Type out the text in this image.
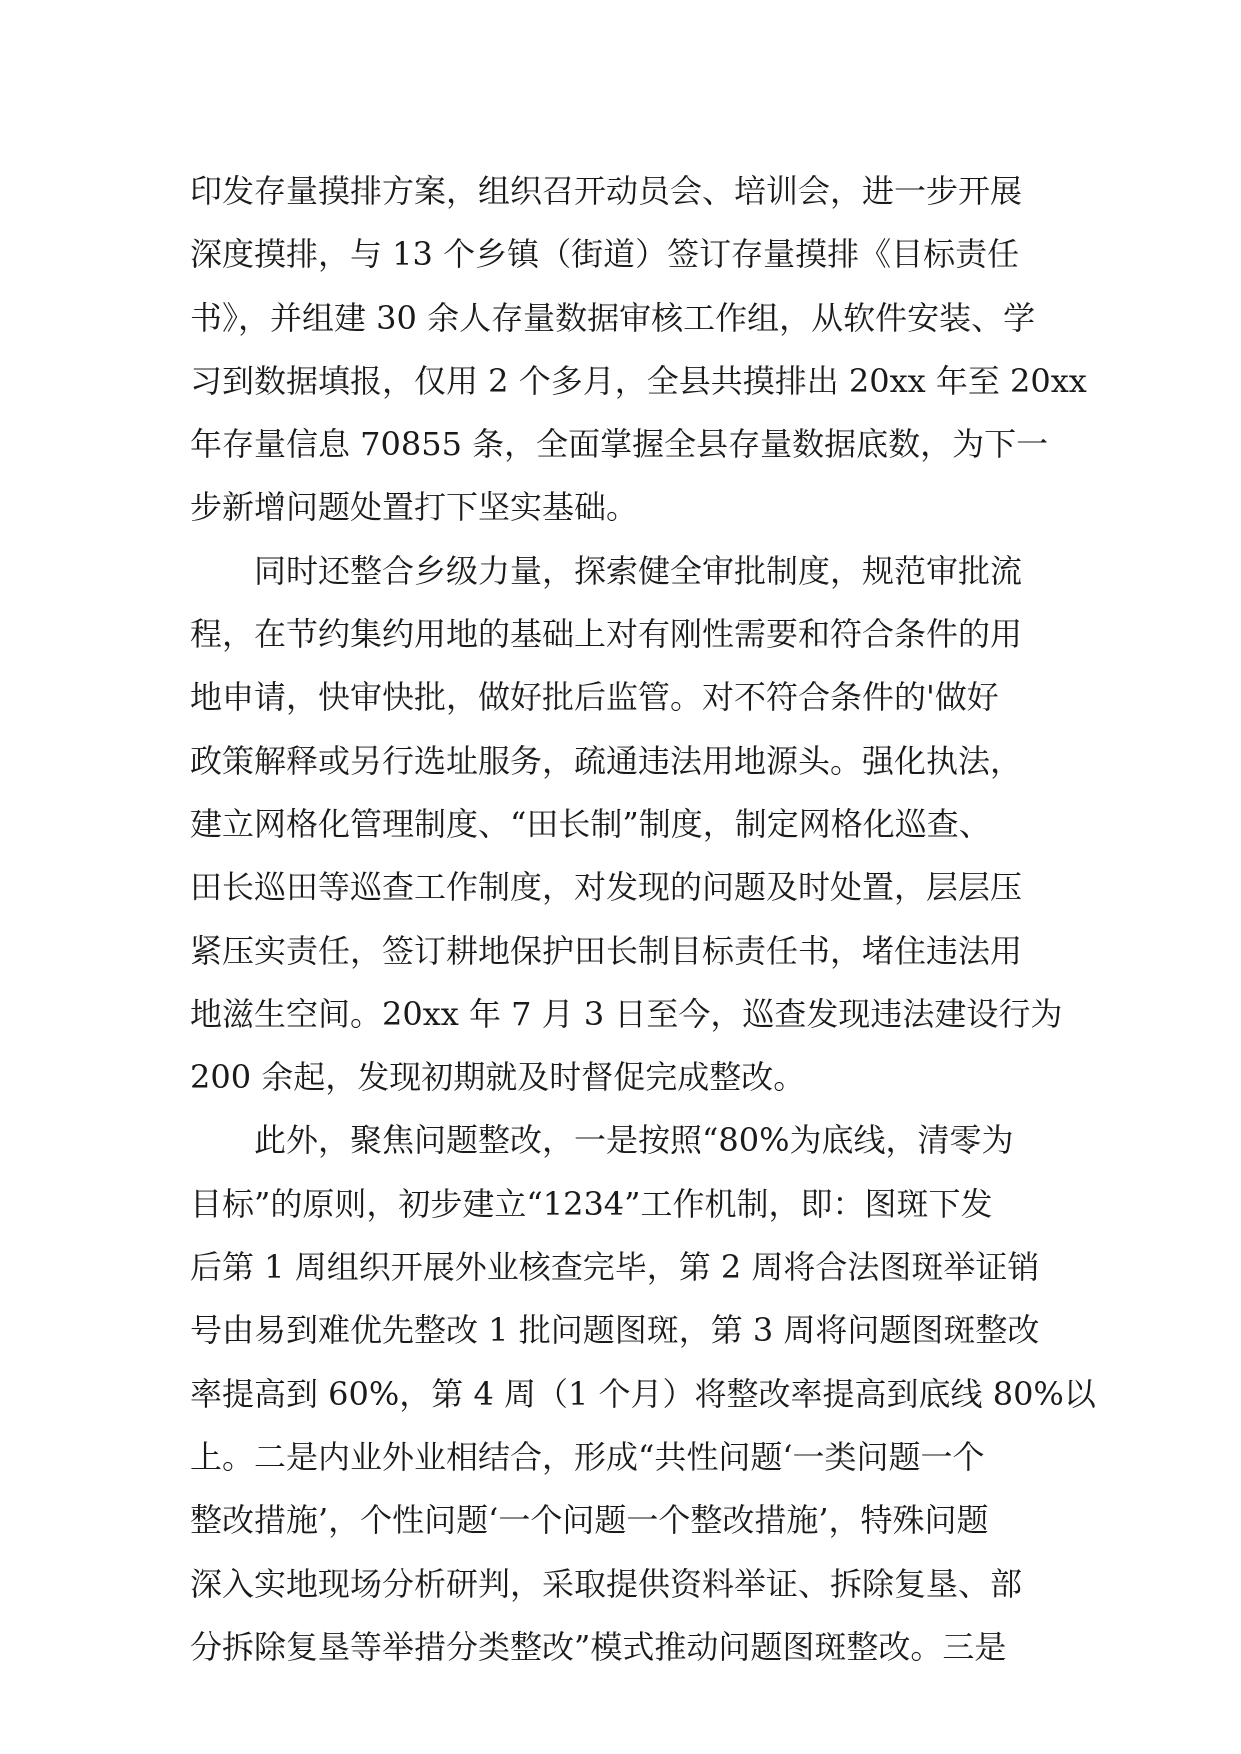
印发存量摸排方案，组织召开动员会、培训会，进一步开展
深度摸排，与 13 个乡镇（街道）签订存量摸排《目标责任
书》，并组建 30 余人存量数据审核工作组，从软件安装、学
习到数据填报，仅用 2 个多月，全县共摸排出 20xx 年至 20xx
年存量信息 70855 条，全面掌握全县存量数据底数，为下一
步新增问题处置打下坚实基础。
同时还整合乡级力量，探索健全审批制度，规范审批流
程，在节约集约用地的基础上对有刚性需要和符合条件的用
地申请，快审快批，做好批后监管。对不符合条件的'做好
政策解释或另行选址服务，疏通违法用地源头。强化执法，
建立网格化管理制度、“田长制”制度，制定网格化巡查、
田长巡田等巡查工作制度，对发现的问题及时处置，层层压
紧压实责任，签订耕地保护田长制目标责任书，堵住违法用
地滋生空间。20xx 年 7 月 3 日至今，巡查发现违法建设行为
200 余起，发现初期就及时督促完成整改。
此外，聚焦问题整改，一是按照“80%为底线，清零为
目标”的原则，初步建立“1234”工作机制，即：图斑下发
后第 1 周组织开展外业核查完毕，第 2 周将合法图斑举证销
号由易到难优先整改 1 批问题图斑，第 3 周将问题图斑整改
率提高到 60%，第 4 周（1 个月）将整改率提高到底线 80%以
上。二是内业外业相结合，形成“共性问题‘一类问题一个
整改措施’，个性问题‘一个问题一个整改措施’，特殊问题
深入实地现场分析研判，采取提供资料举证、拆除复垦、部
分拆除复垦等举措分类整改”模式推动问题图斑整改。三是
